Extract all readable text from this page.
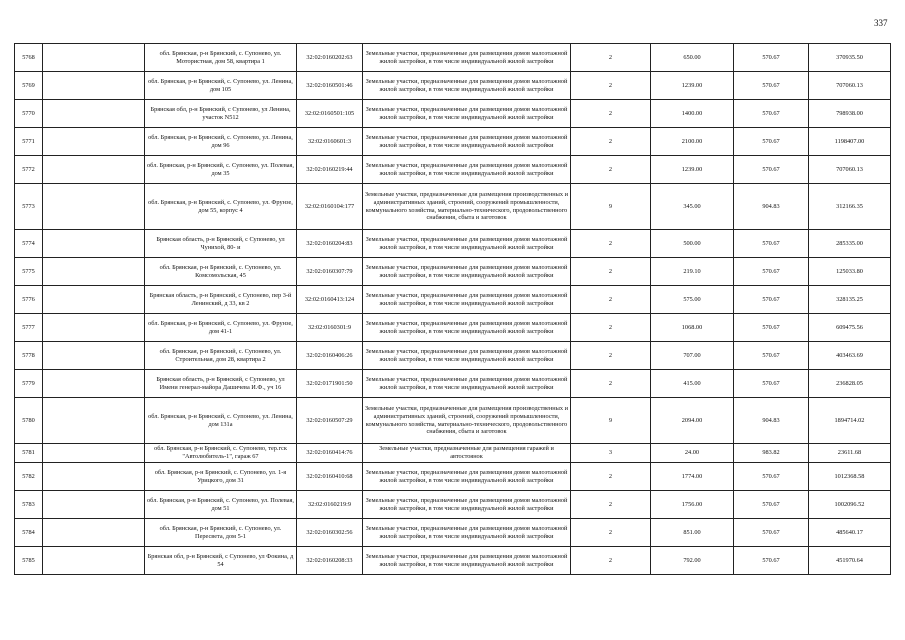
337
5768		обл. Брянская, р-н Брянский, с. Супонево, ул. Мотористная, дом 58, квартира 1	32:02:0160202:63	Земельные участки, предназначенные для размещения домов малоэтажной жилой застройки, в том числе индивидуальной жилой застройки	2	650.00	570.67	370935.50
5769		обл. Брянская, р-н Брянский, с. Супонево, ул. Ленина, дом 105	32:02:0160501:46	Земельные участки, предназначенные для размещения домов малоэтажной жилой застройки, в том числе индивидуальной жилой застройки	2	1239.00	570.67	707060.13
5770		Брянская обл, р-н Брянский, с Супонево, ул Ленина, участок N512	32:02:0160501:105	Земельные участки, предназначенные для размещения домов малоэтажной жилой застройки, в том числе индивидуальной жилой застройки	2	1400.00	570.67	798938.00
5771		обл. Брянская, р-н Брянский, с. Супонево, ул. Ленина, дом 96	32:02:0160601:3	Земельные участки, предназначенные для размещения домов малоэтажной жилой застройки, в том числе индивидуальной жилой застройки	2	2100.00	570.67	1198407.00
5772		обл. Брянская, р-н Брянский, с. Супонево, ул. Полевая, дом 35	32:02:0160219:44	Земельные участки, предназначенные для размещения домов малоэтажной жилой застройки, в том числе индивидуальной жилой застройки	2	1239.00	570.67	707060.13
5773		обл. Брянская, р-н Брянский, с. Супонево, ул. Фрунзе, дом 55, корпус 4	32:02:0160104:177	Земельные участки, предназначенные для размещения производственных и административных зданий, строений, сооружений промышленности, коммунального хозяйства, материально-технического, продовольственного снабжения, сбыта и заготовок	9	345.00	904.83	312166.35
5774		Брянская область, р-н Брянский, с Супонево, ул Чунихой, 80- и	32:02:0160204:83	Земельные участки, предназначенные для размещения домов малоэтажной жилой застройки, в том числе индивидуальной жилой застройки	2	500.00	570.67	285335.00
5775		обл. Брянская, р-н Брянский, с. Супонево, ул. Комсомольская, 45	32:02:0160307:79	Земельные участки, предназначенные для размещения домов малоэтажной жилой застройки, в том числе индивидуальной жилой застройки	2	219.10	570.67	125033.80
5776		Брянская область, р-н Брянский, с Супонево, пер 3-й Ленинский, д 33, кв 2	32:02:0160413:124	Земельные участки, предназначенные для размещения домов малоэтажной жилой застройки, в том числе индивидуальной жилой застройки	2	575.00	570.67	328135.25
5777		обл. Брянская, р-н Брянский, с. Супонево, ул. Фрунзе, дом 41-1	32:02:0160301:9	Земельные участки, предназначенные для размещения домов малоэтажной жилой застройки, в том числе индивидуальной жилой застройки	2	1068.00	570.67	609475.56
5778		обл. Брянская, р-н Брянский, с. Супонево, ул. Строительная, дом 28, квартира 2	32:02:0160406:26	Земельные участки, предназначенные для размещения домов малоэтажной жилой застройки, в том числе индивидуальной жилой застройки	2	707.00	570.67	403463.69
5779		Брянская область, р-н Брянский, с Супонево, ул Имени генерал-майора Дашичева И.Ф., уч 16	32:02:0171901:50	Земельные участки, предназначенные для размещения домов малоэтажной жилой застройки, в том числе индивидуальной жилой застройки	2	415.00	570.67	236828.05
5780		обл. Брянская, р-н Брянский, с. Супонево, ул. Ленина, дом 131а	32:02:0160507:29	Земельные участки, предназначенные для размещения производственных и административных зданий, строений, сооружений промышленности, коммунального хозяйства, материально-технического, продовольственного снабжения, сбыта и заготовок	9	2094.00	904.83	1894714.02
5781		обл. Брянская, р-н Брянский, с. Супонево, тер.гск "Автолюбитель-1", гараж 67	32:02:0160414:76	Земельные участки, предназначенные для размещения гаражей и автостоянок	3	24.00	983.82	23611.68
5782		обл. Брянская, р-н Брянский, с. Супонево, ул. 1-я Урицкого, дом 31	32:02:0160410:68	Земельные участки, предназначенные для размещения домов малоэтажной жилой застройки, в том числе индивидуальной жилой застройки	2	1774.00	570.67	1012368.58
5783		обл. Брянская, р-н Брянский, с. Супонево, ул. Полевая, дом 51	32:02:0160219:9	Земельные участки, предназначенные для размещения домов малоэтажной жилой застройки, в том числе индивидуальной жилой застройки	2	1756.00	570.67	1002096.52
5784		обл. Брянская, р-н Брянский, с. Супонево, ул. Пересвета, дом 5-1	32:02:0160302:56	Земельные участки, предназначенные для размещения домов малоэтажной жилой застройки, в том числе индивидуальной жилой застройки	2	851.00	570.67	485640.17
5785		Брянская обл, р-н Брянский, с Супонево, ул Фокина, д 54	32:02:0160208:33	Земельные участки, предназначенные для размещения домов малоэтажной жилой застройки, в том числе индивидуальной жилой застройки	2	792.00	570.67	451970.64
